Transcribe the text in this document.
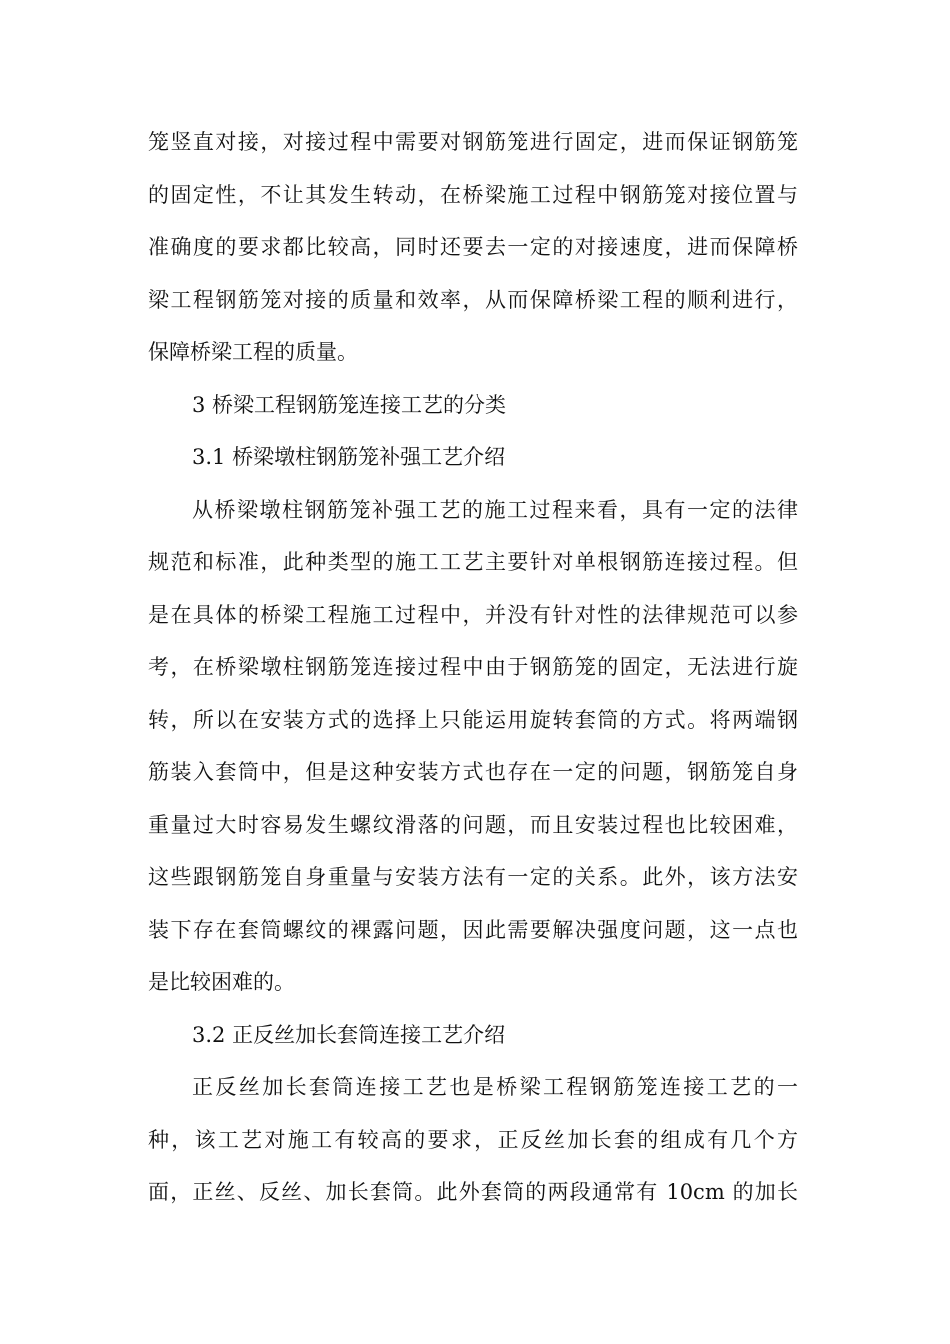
笼竖直对接，对接过程中需要对钢筋笼进行固定，进而保证钢筋笼
的固定性，不让其发生转动，在桥梁施工过程中钢筋笼对接位置与
准确度的要求都比较高，同时还要去一定的对接速度，进而保障桥
梁工程钢筋笼对接的质量和效率，从而保障桥梁工程的顺利进行，
保障桥梁工程的质量。
3 桥梁工程钢筋笼连接工艺的分类
3.1 桥梁墩柱钢筋笼补强工艺介绍
从桥梁墩柱钢筋笼补强工艺的施工过程来看，具有一定的法律
规范和标准，此种类型的施工工艺主要针对单根钢筋连接过程。但
是在具体的桥梁工程施工过程中，并没有针对性的法律规范可以参
考，在桥梁墩柱钢筋笼连接过程中由于钢筋笼的固定，无法进行旋
转，所以在安装方式的选择上只能运用旋转套筒的方式。将两端钢
筋装入套筒中，但是这种安装方式也存在一定的问题，钢筋笼自身
重量过大时容易发生螺纹滑落的问题，而且安装过程也比较困难，
这些跟钢筋笼自身重量与安装方法有一定的关系。此外，该方法安
装下存在套筒螺纹的裸露问题，因此需要解决强度问题，这一点也
是比较困难的。
3.2 正反丝加长套筒连接工艺介绍
正反丝加长套筒连接工艺也是桥梁工程钢筋笼连接工艺的一
种，该工艺对施工有较高的要求，正反丝加长套的组成有几个方
面，正丝、反丝、加长套筒。此外套筒的两段通常有 10cm 的加长
